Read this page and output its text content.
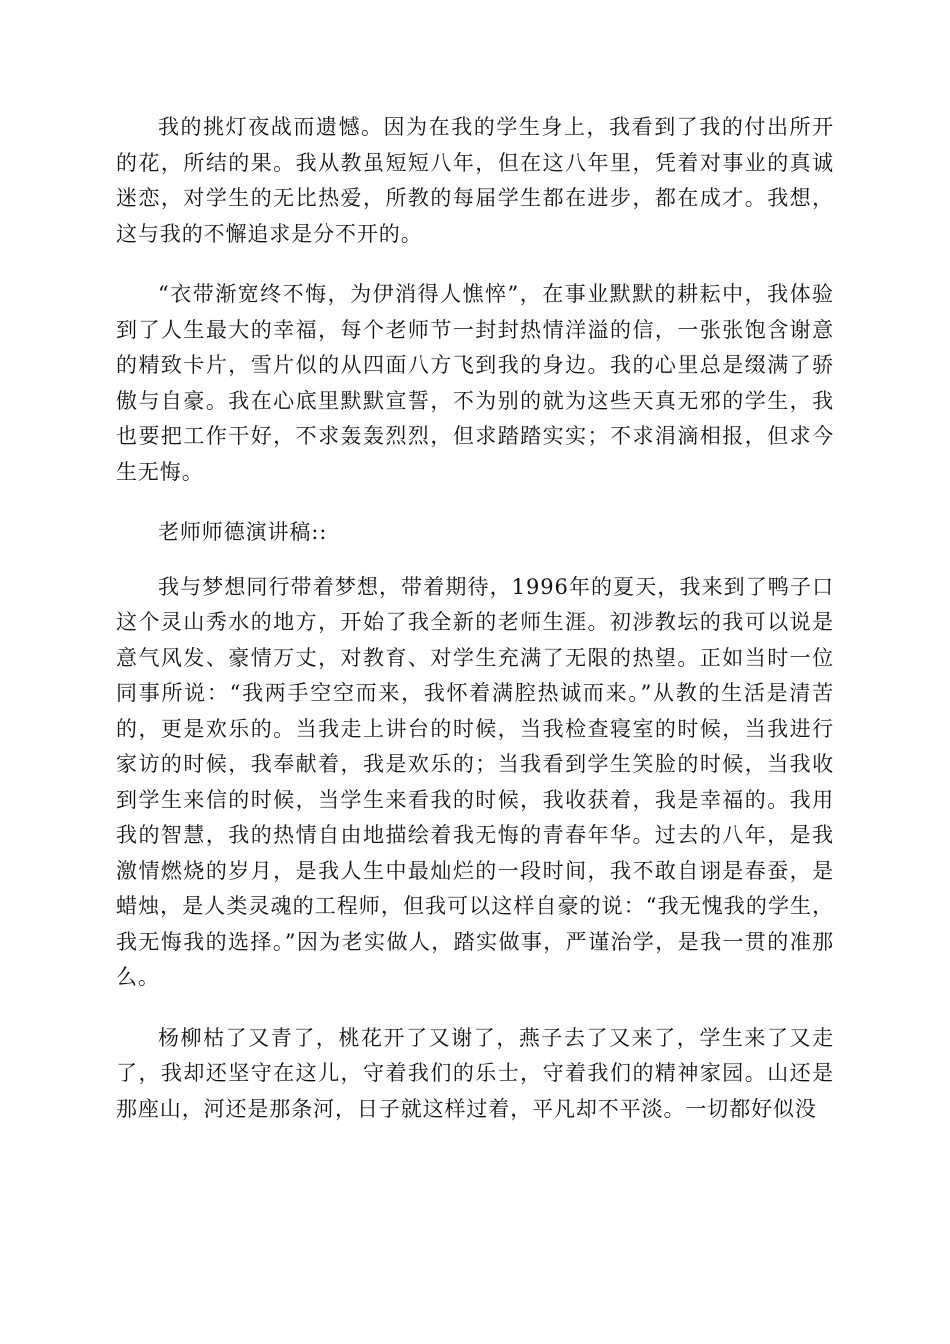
我的挑灯夜战而遗憾。因为在我的学生身上，我看到了我的付出所开的花，所结的果。我从教虽短短八年，但在这八年里，凭着对事业的真诚迷恋，对学生的无比热爱，所教的每届学生都在进步，都在成才。我想，这与我的不懈追求是分不开的。

“衣带渐宽终不悔，为伊消得人憔悴”，在事业默默的耕耘中，我体验到了人生最大的幸福，每个老师节一封封热情洋溢的信，一张张饱含谢意的精致卡片，雪片似的从四面八方飞到我的身边。我的心里总是缀满了骄傲与自豪。我在心底里默默宣誓，不为别的就为这些天真无邪的学生，我也要把工作干好，不求轰轰烈烈，但求踏踏实实；不求涓滴相报，但求今生无悔。

老师师德演讲稿::

我与梦想同行带着梦想，带着期待，1996年的夏天，我来到了鸭子口这个灵山秀水的地方，开始了我全新的老师生涯。初涉教坛的我可以说是意气风发、豪情万丈，对教育、对学生充满了无限的热望。正如当时一位同事所说：“我两手空空而来，我怀着满腔热诚而来。”从教的生活是清苦的，更是欢乐的。当我走上讲台的时候，当我检查寝室的时候，当我进行家访的时候，我奉献着，我是欢乐的；当我看到学生笑脸的时候，当我收到学生来信的时候，当学生来看我的时候，我收获着，我是幸福的。我用我的智慧，我的热情自由地描绘着我无悔的青春年华。过去的八年，是我激情燃烧的岁月，是我人生中最灿烂的一段时间，我不敢自诩是春蚕，是蜡烛，是人类灵魂的工程师，但我可以这样自豪的说：“我无愧我的学生，我无悔我的选择。”因为老实做人，踏实做事，严谨治学，是我一贯的准那么。

杨柳枯了又青了，桃花开了又谢了，燕子去了又来了，学生来了又走了，我却还坚守在这儿，守着我们的乐士，守着我们的精神家园。山还是那座山，河还是那条河，日子就这样过着，平凡却不平淡。一切都好似没
